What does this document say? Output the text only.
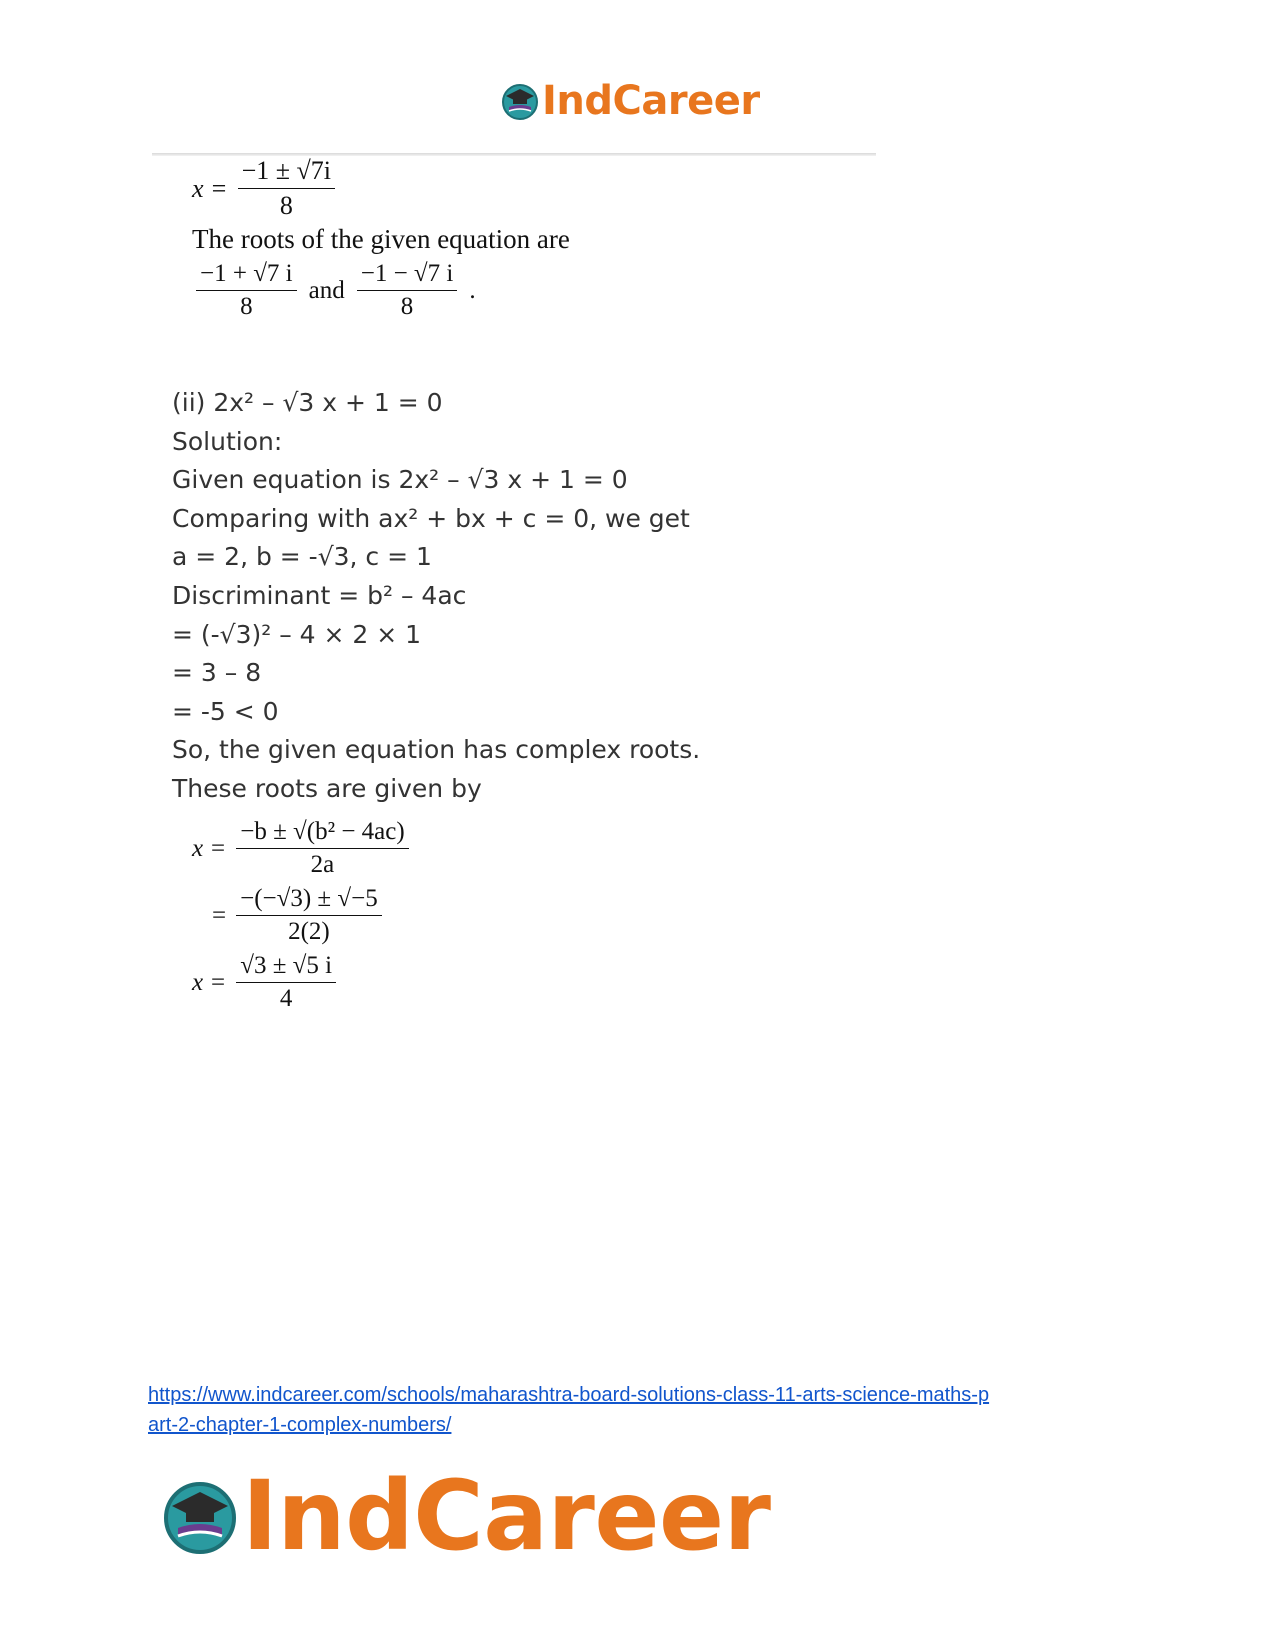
IndCareer
$x = \frac{-1 \pm √7i}{8}$
The roots of the given equation are
$\frac{-1 + √7 i}{8}$ and $\frac{-1 - √7 i}{8}$ .
(ii) 2x² – √3 x + 1 = 0
Solution:
Given equation is 2x² – √3 x + 1 = 0
Comparing with ax² + bx + c = 0, we get
a = 2, b = -√3, c = 1
Discriminant = b² – 4ac
= (-√3)² – 4 × 2 × 1
= 3 – 8
= -5 < 0
So, the given equation has complex roots.
These roots are given by
$x = \frac{\text{−b ± √(b² − 4ac)}}{2a}$
= $\frac{-(-√3) \pm √-5}{2(2)}$
$x = \frac{√3 \pm √5 i}{4}$
https://www.indcareer.com/schools/maharashtra-board-solutions-class-11-arts-science-maths-p
art-2-chapter-1-complex-numbers/
IndCareer
